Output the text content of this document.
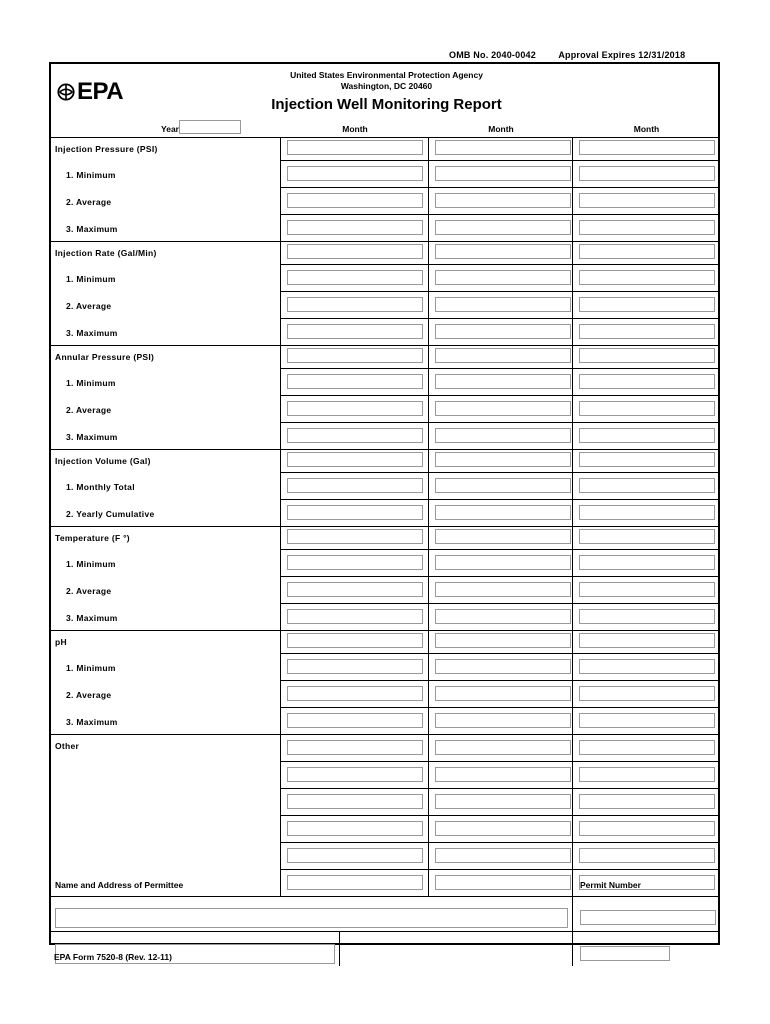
OMB No. 2040-0042 Approval Expires 12/31/2018
EPA
United States Environmental Protection Agency
Washington, DC 20460
Injection Well Monitoring Report
Year	Month	Month	Month
Injection Pressure (PSI)
1. Minimum
2. Average
3. Maximum
Injection Rate (Gal/Min)
1. Minimum
2. Average
3. Maximum
Annular Pressure (PSI)
1. Minimum
2. Average
3. Maximum
Injection Volume (Gal)
1. Monthly Total
2. Yearly Cumulative
Temperature (F °)
1. Minimum
2. Average
3. Maximum
pH
1. Minimum
2. Average
3. Maximum
Other
Name and Address of Permittee	Permit Number

EPA Form 7520-8 (Rev. 12-11)
